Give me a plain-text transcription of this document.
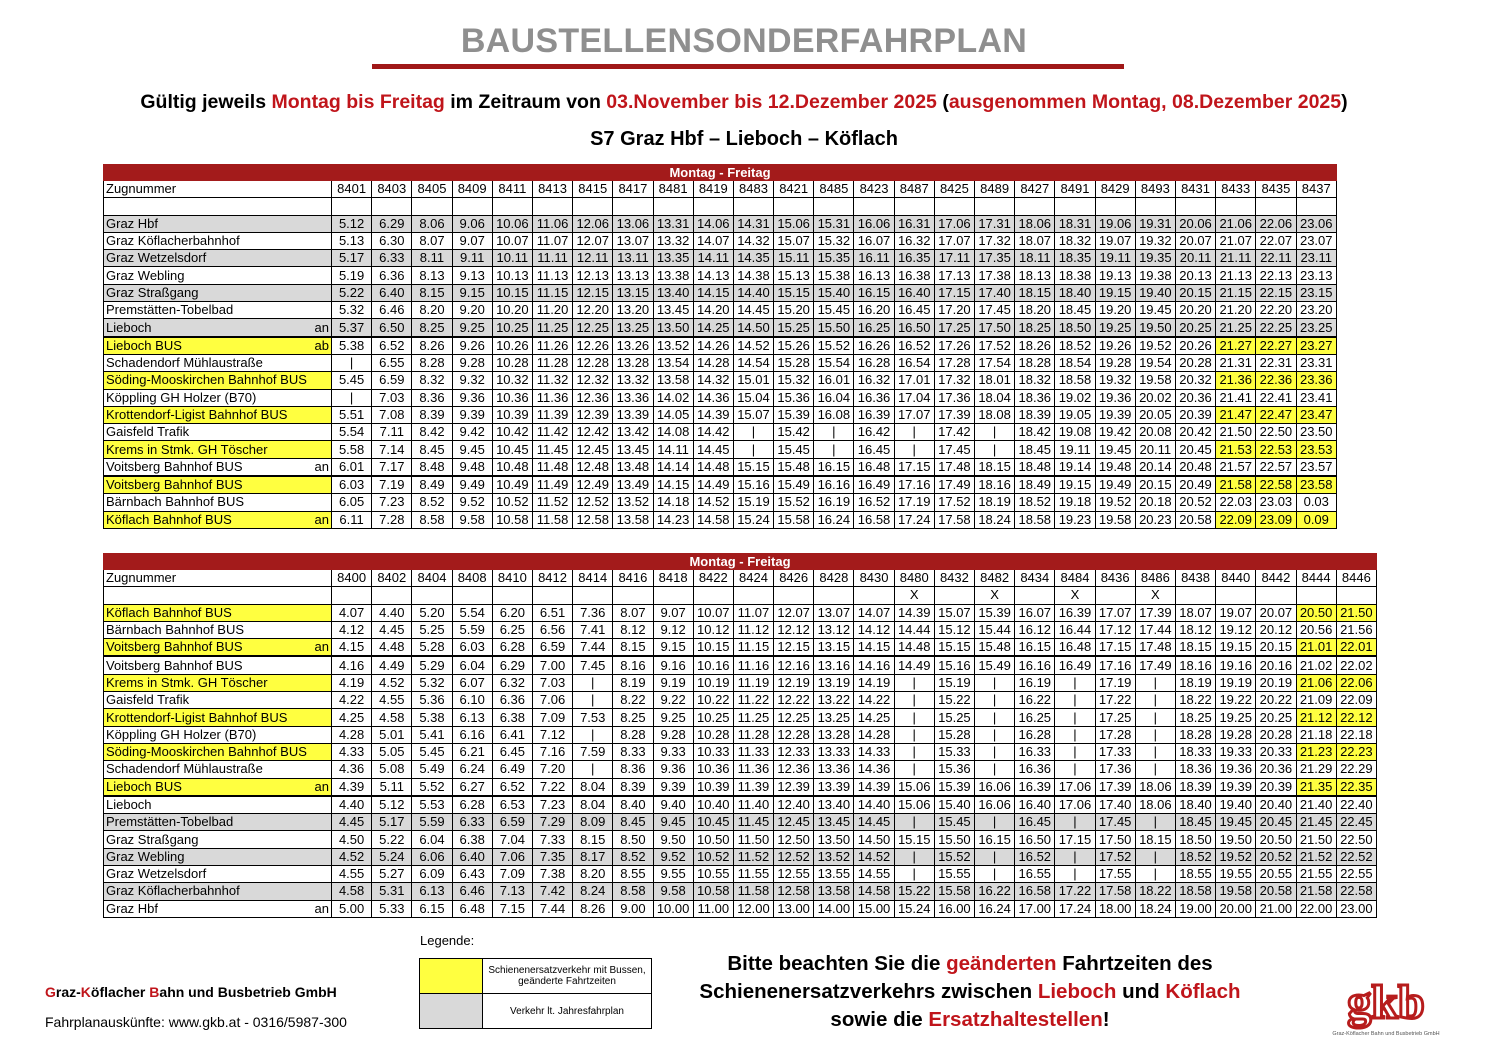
BAUSTELLENSONDERFAHRPLAN
Gültig jeweils Montag bis Freitag im Zeitraum von 03.November bis 12.Dezember 2025 (ausgenommen Montag, 08.Dezember 2025)
S7 Graz Hbf – Lieboch – Köflach
Montag - Freitag																									
Zugnummer	8401	8403	8405	8409	8411	8413	8415	8417	8481	8419	8483	8421	8485	8423	8487	8425	8489	8427	8491	8429	8493	8431	8433	8435	8437

Graz Hbf	5.12	6.29	8.06	9.06	10.06	11.06	12.06	13.06	13.31	14.06	14.31	15.06	15.31	16.06	16.31	17.06	17.31	18.06	18.31	19.06	19.31	20.06	21.06	22.06	23.06
Graz Köflacherbahnhof	5.13	6.30	8.07	9.07	10.07	11.07	12.07	13.07	13.32	14.07	14.32	15.07	15.32	16.07	16.32	17.07	17.32	18.07	18.32	19.07	19.32	20.07	21.07	22.07	23.07
Graz Wetzelsdorf	5.17	6.33	8.11	9.11	10.11	11.11	12.11	13.11	13.35	14.11	14.35	15.11	15.35	16.11	16.35	17.11	17.35	18.11	18.35	19.11	19.35	20.11	21.11	22.11	23.11
Graz Webling	5.19	6.36	8.13	9.13	10.13	11.13	12.13	13.13	13.38	14.13	14.38	15.13	15.38	16.13	16.38	17.13	17.38	18.13	18.38	19.13	19.38	20.13	21.13	22.13	23.13
Graz Straßgang	5.22	6.40	8.15	9.15	10.15	11.15	12.15	13.15	13.40	14.15	14.40	15.15	15.40	16.15	16.40	17.15	17.40	18.15	18.40	19.15	19.40	20.15	21.15	22.15	23.15
Premstätten-Tobelbad	5.32	6.46	8.20	9.20	10.20	11.20	12.20	13.20	13.45	14.20	14.45	15.20	15.45	16.20	16.45	17.20	17.45	18.20	18.45	19.20	19.45	20.20	21.20	22.20	23.20
Lieboch an	5.37	6.50	8.25	9.25	10.25	11.25	12.25	13.25	13.50	14.25	14.50	15.25	15.50	16.25	16.50	17.25	17.50	18.25	18.50	19.25	19.50	20.25	21.25	22.25	23.25
Lieboch BUS ab	5.38	6.52	8.26	9.26	10.26	11.26	12.26	13.26	13.52	14.26	14.52	15.26	15.52	16.26	16.52	17.26	17.52	18.26	18.52	19.26	19.52	20.26	21.27	22.27	23.27
Schadendorf Mühlaustraße	|	6.55	8.28	9.28	10.28	11.28	12.28	13.28	13.54	14.28	14.54	15.28	15.54	16.28	16.54	17.28	17.54	18.28	18.54	19.28	19.54	20.28	21.31	22.31	23.31
Söding-Mooskirchen Bahnhof BUS	5.45	6.59	8.32	9.32	10.32	11.32	12.32	13.32	13.58	14.32	15.01	15.32	16.01	16.32	17.01	17.32	18.01	18.32	18.58	19.32	19.58	20.32	21.36	22.36	23.36
Köppling GH Holzer (B70)	|	7.03	8.36	9.36	10.36	11.36	12.36	13.36	14.02	14.36	15.04	15.36	16.04	16.36	17.04	17.36	18.04	18.36	19.02	19.36	20.02	20.36	21.41	22.41	23.41
Krottendorf-Ligist Bahnhof BUS	5.51	7.08	8.39	9.39	10.39	11.39	12.39	13.39	14.05	14.39	15.07	15.39	16.08	16.39	17.07	17.39	18.08	18.39	19.05	19.39	20.05	20.39	21.47	22.47	23.47
Gaisfeld Trafik	5.54	7.11	8.42	9.42	10.42	11.42	12.42	13.42	14.08	14.42	|	15.42	|	16.42	|	17.42	|	18.42	19.08	19.42	20.08	20.42	21.50	22.50	23.50
Krems in Stmk. GH Töscher	5.58	7.14	8.45	9.45	10.45	11.45	12.45	13.45	14.11	14.45	|	15.45	|	16.45	|	17.45	|	18.45	19.11	19.45	20.11	20.45	21.53	22.53	23.53
Voitsberg Bahnhof BUS an	6.01	7.17	8.48	9.48	10.48	11.48	12.48	13.48	14.14	14.48	15.15	15.48	16.15	16.48	17.15	17.48	18.15	18.48	19.14	19.48	20.14	20.48	21.57	22.57	23.57
Voitsberg Bahnhof BUS	6.03	7.19	8.49	9.49	10.49	11.49	12.49	13.49	14.15	14.49	15.16	15.49	16.16	16.49	17.16	17.49	18.16	18.49	19.15	19.49	20.15	20.49	21.58	22.58	23.58
Bärnbach Bahnhof BUS	6.05	7.23	8.52	9.52	10.52	11.52	12.52	13.52	14.18	14.52	15.19	15.52	16.19	16.52	17.19	17.52	18.19	18.52	19.18	19.52	20.18	20.52	22.03	23.03	0.03
Köflach Bahnhof BUS an	6.11	7.28	8.58	9.58	10.58	11.58	12.58	13.58	14.23	14.58	15.24	15.58	16.24	16.58	17.24	17.58	18.24	18.58	19.23	19.58	20.23	20.58	22.09	23.09	0.09
Montag - Freitag																										
Zugnummer	8400	8402	8404	8408	8410	8412	8414	8416	8418	8422	8424	8426	8428	8430	8480	8432	8482	8434	8484	8436	8486	8438	8440	8442	8444	8446
															X		X		X		X					
Köflach Bahnhof BUS	4.07	4.40	5.20	5.54	6.20	6.51	7.36	8.07	9.07	10.07	11.07	12.07	13.07	14.07	14.39	15.07	15.39	16.07	16.39	17.07	17.39	18.07	19.07	20.07	20.50	21.50
Bärnbach Bahnhof BUS	4.12	4.45	5.25	5.59	6.25	6.56	7.41	8.12	9.12	10.12	11.12	12.12	13.12	14.12	14.44	15.12	15.44	16.12	16.44	17.12	17.44	18.12	19.12	20.12	20.56	21.56
Voitsberg Bahnhof BUS an	4.15	4.48	5.28	6.03	6.28	6.59	7.44	8.15	9.15	10.15	11.15	12.15	13.15	14.15	14.48	15.15	15.48	16.15	16.48	17.15	17.48	18.15	19.15	20.15	21.01	22.01
Voitsberg Bahnhof BUS	4.16	4.49	5.29	6.04	6.29	7.00	7.45	8.16	9.16	10.16	11.16	12.16	13.16	14.16	14.49	15.16	15.49	16.16	16.49	17.16	17.49	18.16	19.16	20.16	21.02	22.02
Krems in Stmk. GH Töscher	4.19	4.52	5.32	6.07	6.32	7.03	|	8.19	9.19	10.19	11.19	12.19	13.19	14.19	|	15.19	|	16.19	|	17.19	|	18.19	19.19	20.19	21.06	22.06
Gaisfeld Trafik	4.22	4.55	5.36	6.10	6.36	7.06	|	8.22	9.22	10.22	11.22	12.22	13.22	14.22	|	15.22	|	16.22	|	17.22	|	18.22	19.22	20.22	21.09	22.09
Krottendorf-Ligist Bahnhof BUS	4.25	4.58	5.38	6.13	6.38	7.09	7.53	8.25	9.25	10.25	11.25	12.25	13.25	14.25	|	15.25	|	16.25	|	17.25	|	18.25	19.25	20.25	21.12	22.12
Köppling GH Holzer (B70)	4.28	5.01	5.41	6.16	6.41	7.12	|	8.28	9.28	10.28	11.28	12.28	13.28	14.28	|	15.28	|	16.28	|	17.28	|	18.28	19.28	20.28	21.18	22.18
Söding-Mooskirchen Bahnhof BUS	4.33	5.05	5.45	6.21	6.45	7.16	7.59	8.33	9.33	10.33	11.33	12.33	13.33	14.33	|	15.33	|	16.33	|	17.33	|	18.33	19.33	20.33	21.23	22.23
Schadendorf Mühlaustraße	4.36	5.08	5.49	6.24	6.49	7.20	|	8.36	9.36	10.36	11.36	12.36	13.36	14.36	|	15.36	|	16.36	|	17.36	|	18.36	19.36	20.36	21.29	22.29
Lieboch BUS an	4.39	5.11	5.52	6.27	6.52	7.22	8.04	8.39	9.39	10.39	11.39	12.39	13.39	14.39	15.06	15.39	16.06	16.39	17.06	17.39	18.06	18.39	19.39	20.39	21.35	22.35
Lieboch	4.40	5.12	5.53	6.28	6.53	7.23	8.04	8.40	9.40	10.40	11.40	12.40	13.40	14.40	15.06	15.40	16.06	16.40	17.06	17.40	18.06	18.40	19.40	20.40	21.40	22.40
Premstätten-Tobelbad	4.45	5.17	5.59	6.33	6.59	7.29	8.09	8.45	9.45	10.45	11.45	12.45	13.45	14.45	|	15.45	|	16.45	|	17.45	|	18.45	19.45	20.45	21.45	22.45
Graz Straßgang	4.50	5.22	6.04	6.38	7.04	7.33	8.15	8.50	9.50	10.50	11.50	12.50	13.50	14.50	15.15	15.50	16.15	16.50	17.15	17.50	18.15	18.50	19.50	20.50	21.50	22.50
Graz Webling	4.52	5.24	6.06	6.40	7.06	7.35	8.17	8.52	9.52	10.52	11.52	12.52	13.52	14.52	|	15.52	|	16.52	|	17.52	|	18.52	19.52	20.52	21.52	22.52
Graz Wetzelsdorf	4.55	5.27	6.09	6.43	7.09	7.38	8.20	8.55	9.55	10.55	11.55	12.55	13.55	14.55	|	15.55	|	16.55	|	17.55	|	18.55	19.55	20.55	21.55	22.55
Graz Köflacherbahnhof	4.58	5.31	6.13	6.46	7.13	7.42	8.24	8.58	9.58	10.58	11.58	12.58	13.58	14.58	15.22	15.58	16.22	16.58	17.22	17.58	18.22	18.58	19.58	20.58	21.58	22.58
Graz Hbf an	5.00	5.33	6.15	6.48	7.15	7.44	8.26	9.00	10.00	11.00	12.00	13.00	14.00	15.00	15.24	16.00	16.24	17.00	17.24	18.00	18.24	19.00	20.00	21.00	22.00	23.00
Legende:
	Schienenersatzverkehr mit Bussen, geänderte Fahrtzeiten
	Verkehr lt. Jahresfahrplan
Bitte beachten Sie die geänderten Fahrtzeiten des
Schienenersatzverkehrs zwischen Lieboch und Köflach
sowie die Ersatzhaltestellen!
Graz-Köflacher Bahn und Busbetrieb GmbH
Fahrplanauskünfte: www.gkb.at - 0316/5987-300	gkb
Graz-Köflacher Bahn und Busbetrieb GmbH
